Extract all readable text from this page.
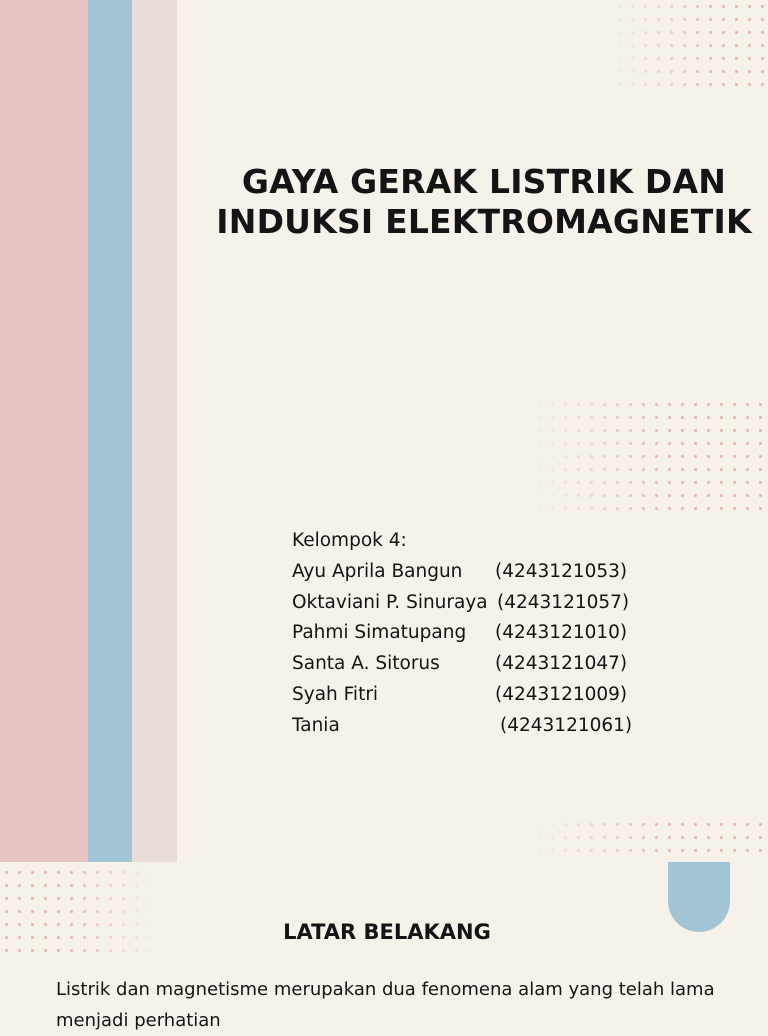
GAYA GERAK LISTRIK DAN
INDUKSI ELEKTROMAGNETIK
Kelompok 4:
Ayu Aprila Bangun (4243121053)
Oktaviani P. Sinuraya (4243121057)
Pahmi Simatupang (4243121010)
Santa A. Sitorus	(4243121047)
Syah Fitri	(4243121009)
Tania	(4243121061)
LATAR BELAKANG

Listrik dan magnetisme merupakan dua fenomena alam yang telah lama menjadi perhatian
